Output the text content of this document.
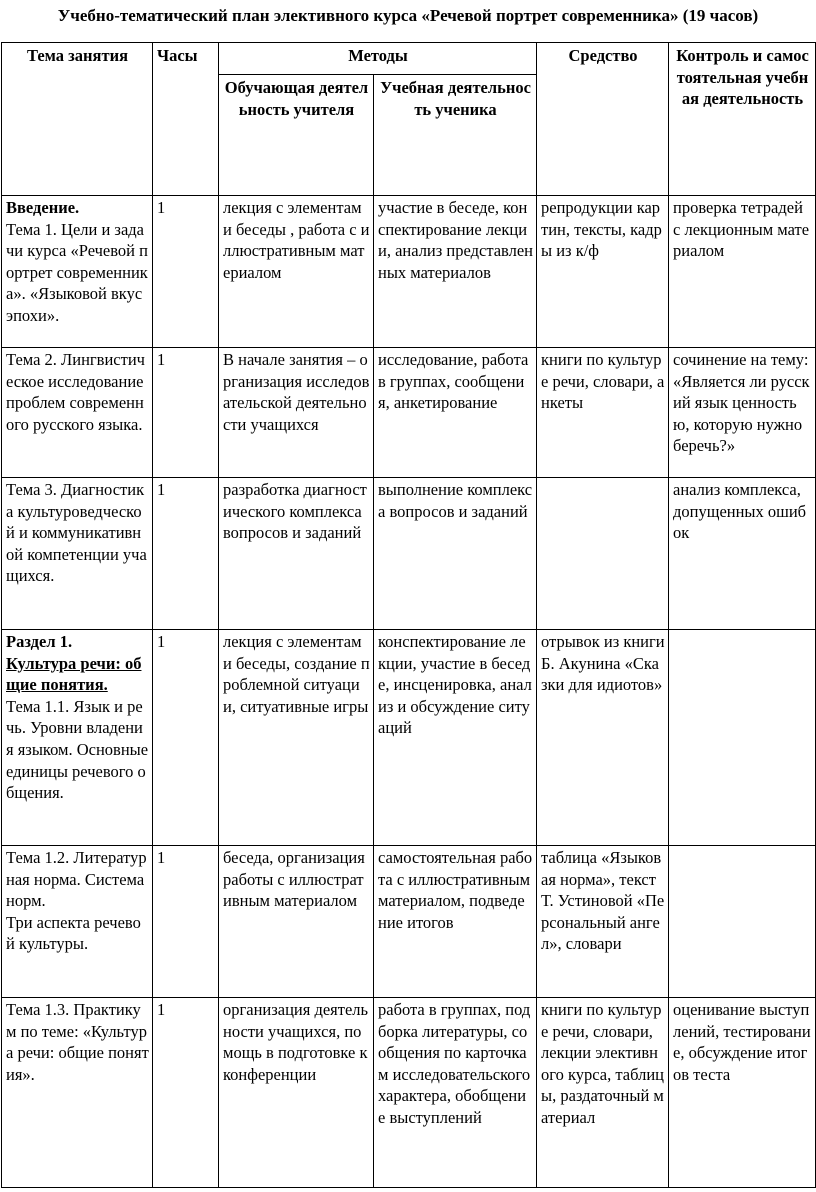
Учебно-тематический план элективного курса «Речевой портрет современника» (19 часов)
Тема занятия	Часы	Методы		Средство	Контроль и самостоятельная учебная деятельность
		Обучающая деятельность учителя	Учебная деятельность ученика		
Введение.
Тема 1. Цели и задачи курса «Речевой портрет современника». «Языковой вкус эпохи».	1	лекция с элементами беседы , работа с иллюстративным материалом	участие в беседе, конспектирование лекции, анализ представленных материалов	репродукции картин, тексты, кадры из к/ф	проверка тетрадей с лекционным материалом
Тема 2. Лингвистическое исследование проблем современного русского языка.	1	В начале занятия – организация исследовательской деятельности учащихся	исследование, работа в группах, сообщения, анкетирование	книги по культуре речи, словари, анкеты	сочинение на тему: «Является ли русский язык ценностью, которую нужно беречь?»
Тема 3. Диагностика культуроведческой и коммуникативной компетенции учащихся.	1	разработка диагностического комплекса вопросов и заданий	выполнение комплекса вопросов и заданий		анализ комплекса, допущенных ошибок
Раздел 1.
Культура речи: общие понятия.
Тема 1.1. Язык и речь. Уровни владения языком. Основные единицы речевого общения.	1	лекция с элементами беседы, создание проблемной ситуации, ситуативные игры	конспектирование лекции, участие в беседе, инсценировка, анализ и обсуждение ситуаций	отрывок из книги Б. Акунина «Сказки для идиотов»	
Тема 1.2. Литературная норма. Система норм.
Три аспекта речевой культуры.	1	беседа, организация работы с иллюстративным материалом	самостоятельная работа с иллюстративным материалом, подведение итогов	таблица «Языковая норма», текст Т. Устиновой «Персональный ангел», словари	
Тема 1.3. Практикум по теме: «Культура речи: общие понятия».	1	организация деятельности учащихся, помощь в подготовке к конференции	работа в группах, подборка литературы, сообщения по карточкам исследовательского характера, обобщение выступлений	книги по культуре речи, словари, лекции элективного курса, таблицы, раздаточный материал	оценивание выступлений, тестирование, обсуждение итогов теста
